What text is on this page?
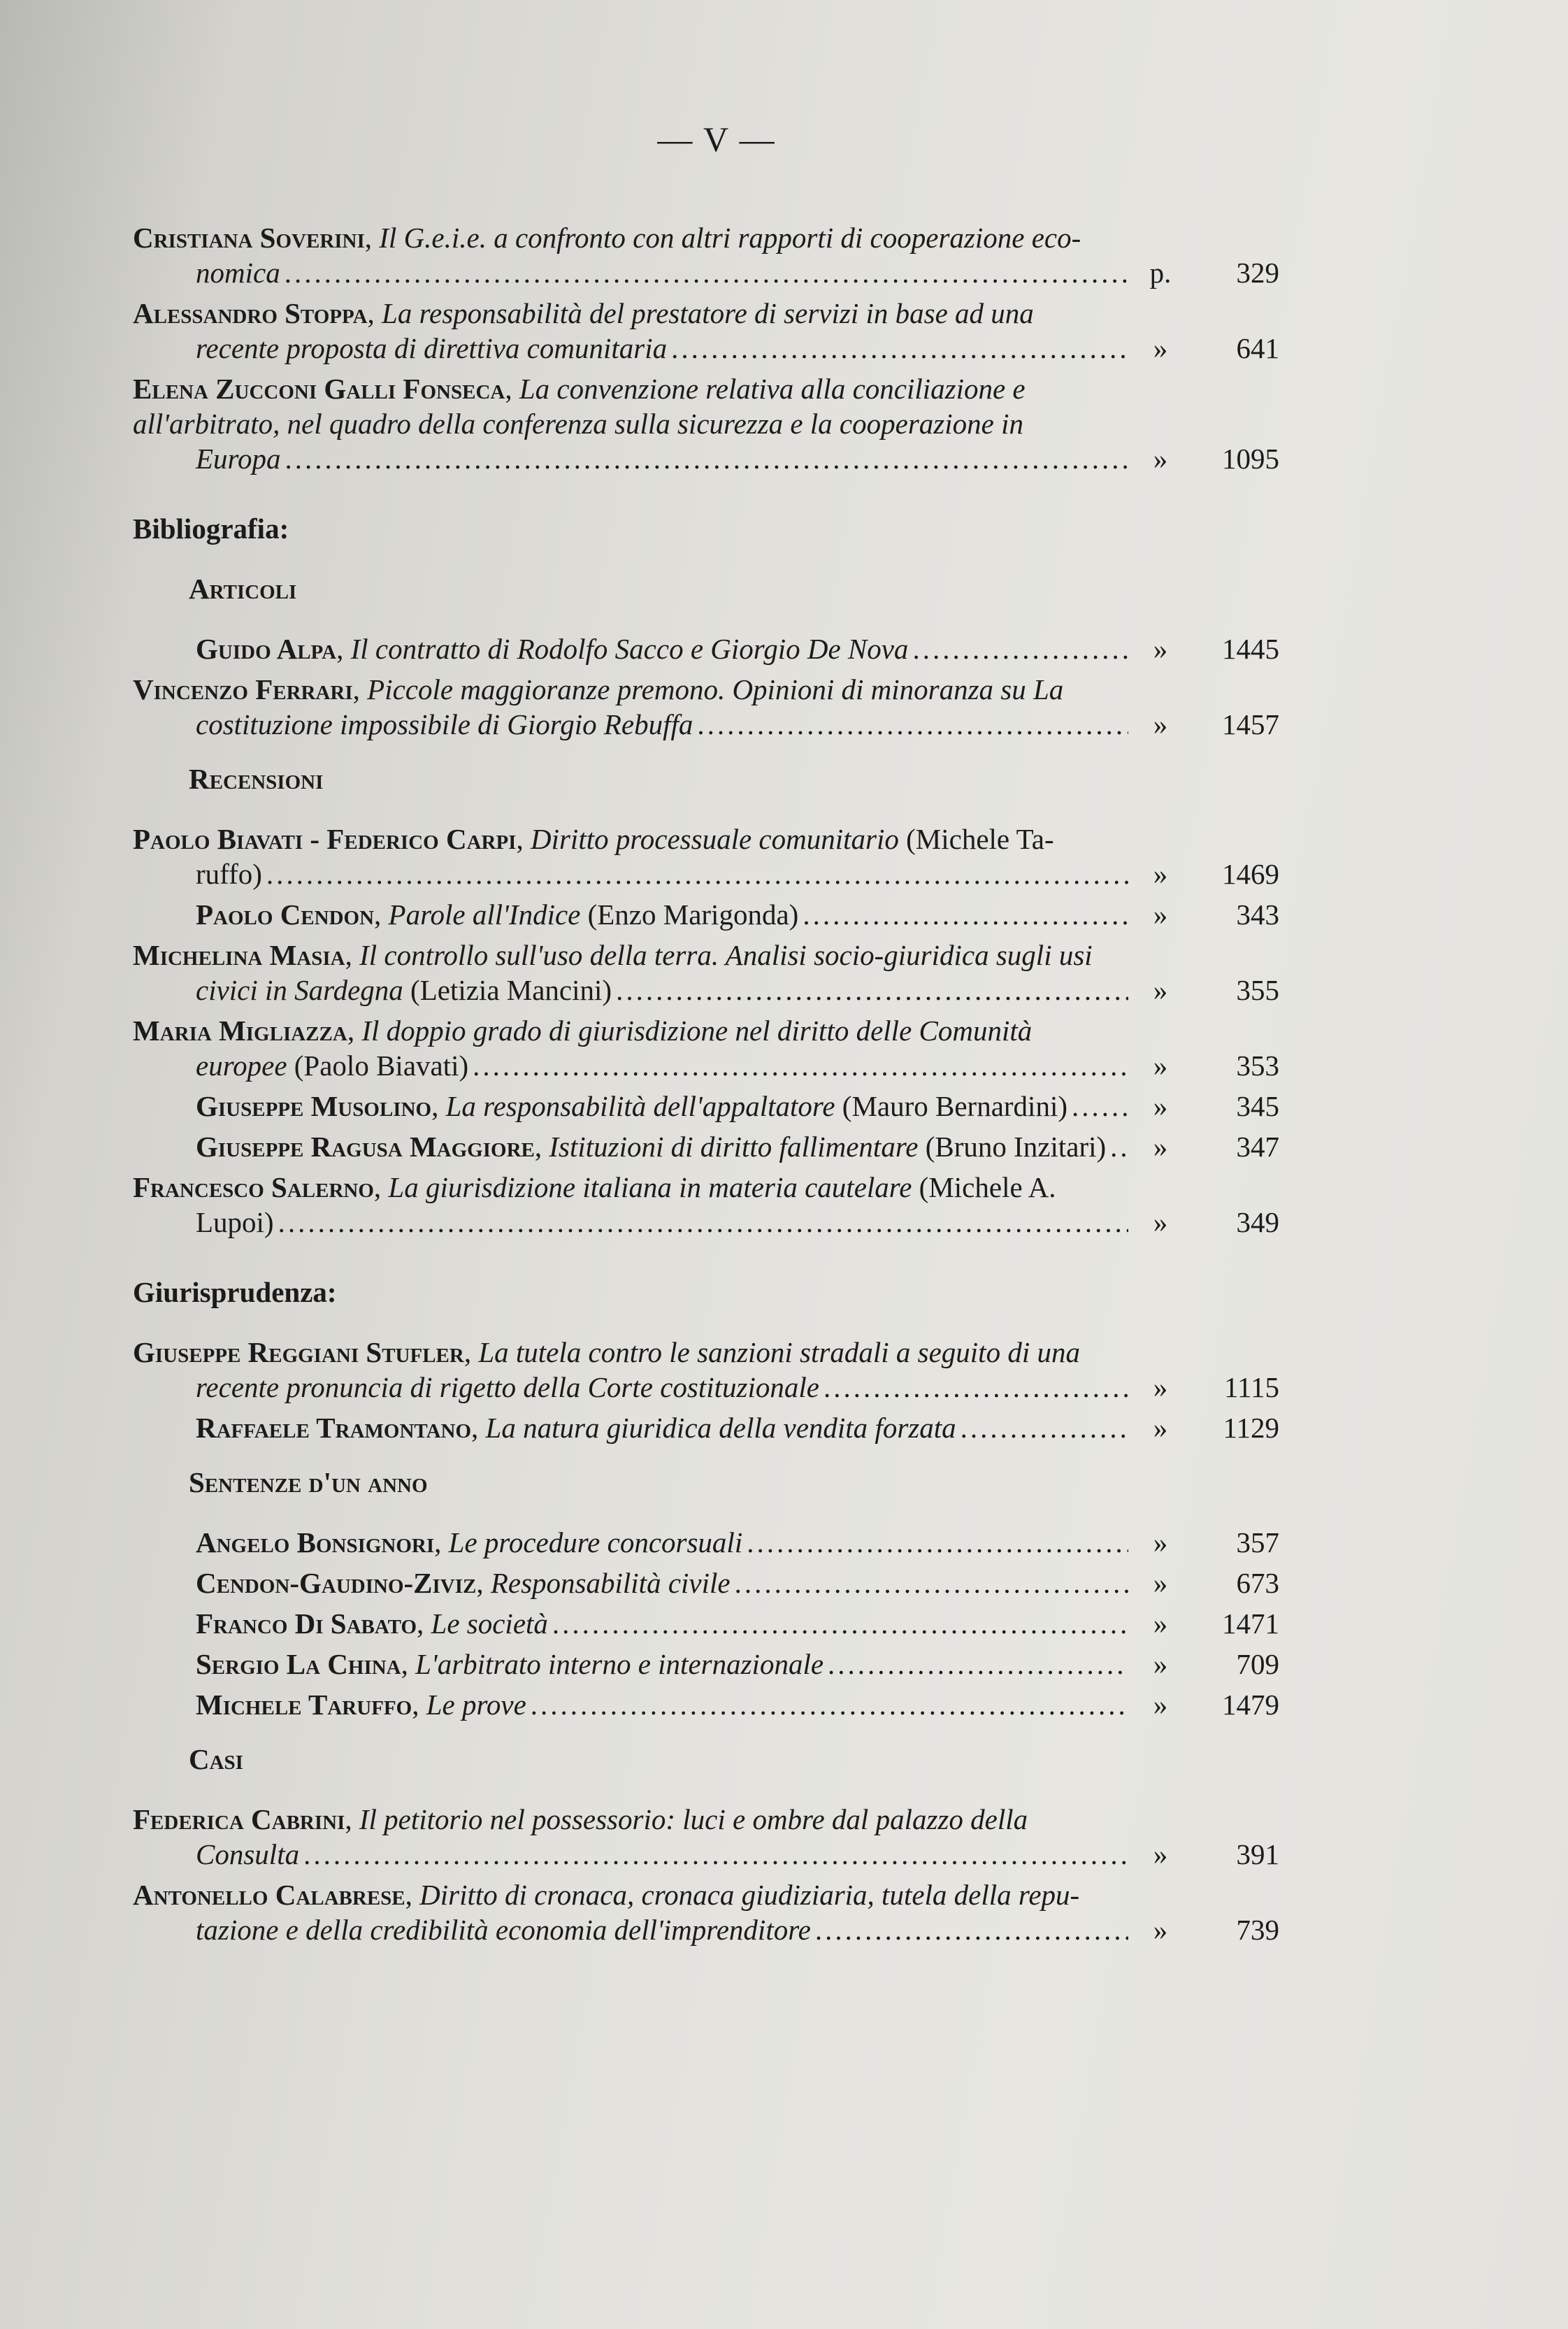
— V —
Cristiana Soverini, Il G.e.i.e. a confronto con altri rapporti di cooperazione eco-
nomica .....	p.	329
Alessandro Stoppa, La responsabilità del prestatore di servizi in base ad una
recente proposta di direttiva comunitaria .....	»	641
Elena Zucconi Galli Fonseca, La convenzione relativa alla conciliazione e
all'arbitrato, nel quadro della conferenza sulla sicurezza e la cooperazione in
Europa .....	»	1095
Bibliografia:
Articoli
Guido Alpa , Il contratto di Rodolfo Sacco e Giorgio De Nova .....	»	1445
Vincenzo Ferrari, Piccole maggioranze premono. Opinioni di minoranza su La
costituzione impossibile di Giorgio Rebuffa .....	»	1457
Recensioni
Paolo Biavati - Federico Carpi, Diritto processuale comunitario (Michele Ta-
ruffo) .....	»	1469
Paolo Cendon , Parole all'Indice (Enzo Marigonda) .....	»	343
Michelina Masia, Il controllo sull'uso della terra. Analisi socio-giuridica sugli usi
civici in Sardegna (Letizia Mancini) .....	»	355
Maria Migliazza, Il doppio grado di giurisdizione nel diritto delle Comunità
europee (Paolo Biavati) .....	»	353
Giuseppe Musolino , La responsabilità dell'appaltatore (Mauro Bernardini) .....	»	345
Giuseppe Ragusa Maggiore , Istituzioni di diritto fallimentare (Bruno Inzitari)
.....	»	347
Francesco Salerno, La giurisdizione italiana in materia cautelare (Michele A.
Lupoi) .....	»	349
Giurisprudenza:
Giuseppe Reggiani Stufler, La tutela contro le sanzioni stradali a seguito di una
recente pronuncia di rigetto della Corte costituzionale .....	»	1115
Raffaele Tramontano , La natura giuridica della vendita forzata .....	»	1129
Sentenze d'un anno
Angelo Bonsignori , Le procedure concorsuali .....	»	357
Cendon-Gaudino-Ziviz , Responsabilità civile .....	»	673
Franco Di Sabato , Le società .....	»	1471
Sergio La China , L'arbitrato interno e internazionale .....	»	709
Michele Taruffo , Le prove .....	»	1479
Casi
Federica Cabrini, Il petitorio nel possessorio: luci e ombre dal palazzo della
Consulta .....	»	391
Antonello Calabrese, Diritto di cronaca, cronaca giudiziaria, tutela della repu-
tazione e della credibilità economia dell'imprenditore .....	»	739
